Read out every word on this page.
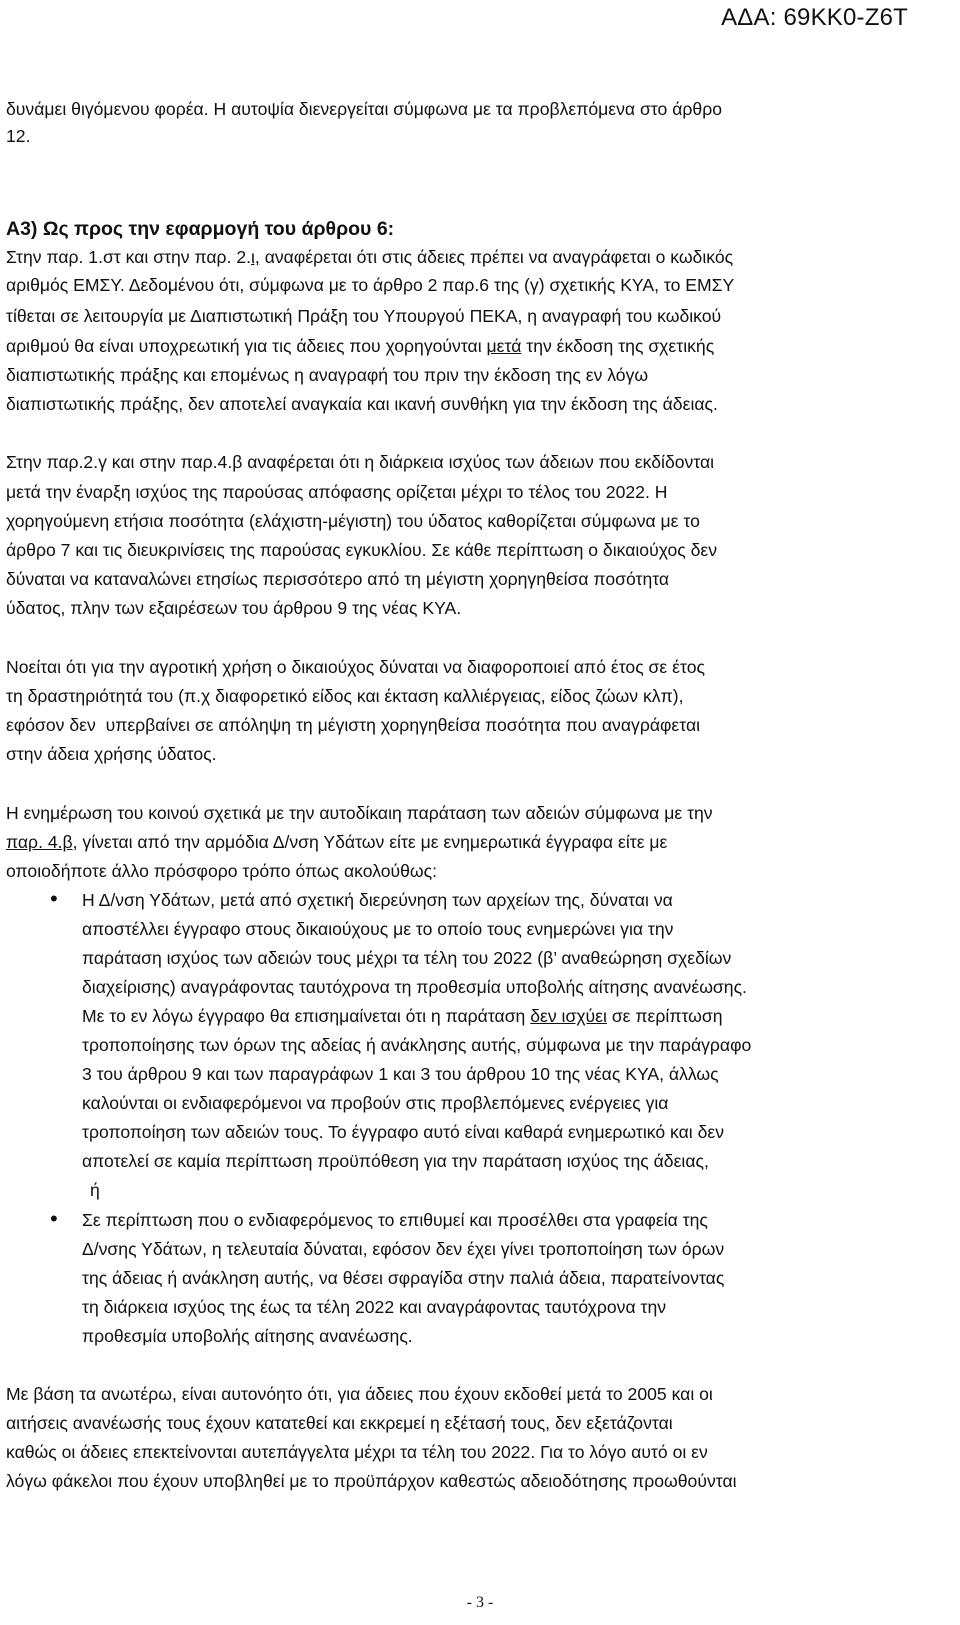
ΑΔΑ: 69ΚΚ0-Ζ6Τ
δυνάμει θιγόμενου φορέα. Η αυτοψία διενεργείται σύμφωνα με τα προβλεπόμενα στο άρθρο
12.
Α3) Ως προς την εφαρμογή του άρθρου 6:
Στην παρ. 1.στ και στην παρ. 2.ι, αναφέρεται ότι στις άδειες πρέπει να αναγράφεται ο κωδικός
αριθμός ΕΜΣΥ. Δεδομένου ότι, σύμφωνα με το άρθρο 2 παρ.6 της (γ) σχετικής ΚΥΑ, το ΕΜΣΥ
τίθεται σε λειτουργία με Διαπιστωτική Πράξη του Υπουργού ΠΕΚΑ, η αναγραφή του κωδικού
αριθμού θα είναι υποχρεωτική για τις άδειες που χορηγούνται μετά την έκδοση της σχετικής
διαπιστωτικής πράξης και επομένως η αναγραφή του πριν την έκδοση της εν λόγω
διαπιστωτικής πράξης, δεν αποτελεί αναγκαία και ικανή συνθήκη για την έκδοση της άδειας.
Στην παρ.2.γ και στην παρ.4.β αναφέρεται ότι η διάρκεια ισχύος των άδειων που εκδίδονται
μετά την έναρξη ισχύος της παρούσας απόφασης ορίζεται μέχρι το τέλος του 2022. Η
χορηγούμενη ετήσια ποσότητα (ελάχιστη-μέγιστη) του ύδατος καθορίζεται σύμφωνα με το
άρθρο 7 και τις διευκρινίσεις της παρούσας εγκυκλίου. Σε κάθε περίπτωση ο δικαιούχος δεν
δύναται να καταναλώνει ετησίως περισσότερο από τη μέγιστη χορηγηθείσα ποσότητα
ύδατος, πλην των εξαιρέσεων του άρθρου 9 της νέας ΚΥΑ.
Νοείται ότι για την αγροτική χρήση ο δικαιούχος δύναται να διαφοροποιεί από έτος σε έτος
τη δραστηριότητά του (π.χ διαφορετικό είδος και έκταση καλλιέργειας, είδος ζώων κλπ),
εφόσον δεν  υπερβαίνει σε απόληψη τη μέγιστη χορηγηθείσα ποσότητα που αναγράφεται
στην άδεια χρήσης ύδατος.
Η ενημέρωση του κοινού σχετικά με την αυτοδίκαιη παράταση των αδειών σύμφωνα με την
παρ. 4.β, γίνεται από την αρμόδια Δ/νση Υδάτων είτε με ενημερωτικά έγγραφα είτε με
οποιοδήποτε άλλο πρόσφορο τρόπο όπως ακολούθως:
• Η Δ/νση Υδάτων, μετά από σχετική διερεύνηση των αρχείων της, δύναται να
αποστέλλει έγγραφο στους δικαιούχους με το οποίο τους ενημερώνει για την
παράταση ισχύος των αδειών τους μέχρι τα τέλη του 2022 (β’ αναθεώρηση σχεδίων
διαχείρισης) αναγράφοντας ταυτόχρονα τη προθεσμία υποβολής αίτησης ανανέωσης.
Με το εν λόγω έγγραφο θα επισημαίνεται ότι η παράταση δεν ισχύει σε περίπτωση
τροποποίησης των όρων της αδείας ή ανάκλησης αυτής, σύμφωνα με την παράγραφο
3 του άρθρου 9 και των παραγράφων 1 και 3 του άρθρου 10 της νέας ΚΥΑ, άλλως
καλούνται οι ενδιαφερόμενοι να προβούν στις προβλεπόμενες ενέργειες για
τροποποίηση των αδειών τους. Το έγγραφο αυτό είναι καθαρά ενημερωτικό και δεν
αποτελεί σε καμία περίπτωση προϋπόθεση για την παράταση ισχύος της άδειας,
ή
• Σε περίπτωση που ο ενδιαφερόμενος το επιθυμεί και προσέλθει στα γραφεία της
Δ/νσης Υδάτων, η τελευταία δύναται, εφόσον δεν έχει γίνει τροποποίηση των όρων
της άδειας ή ανάκληση αυτής, να θέσει σφραγίδα στην παλιά άδεια, παρατείνοντας
τη διάρκεια ισχύος της έως τα τέλη 2022 και αναγράφοντας ταυτόχρονα την
προθεσμία υποβολής αίτησης ανανέωσης.
Με βάση τα ανωτέρω, είναι αυτονόητο ότι, για άδειες που έχουν εκδοθεί μετά το 2005 και οι
αιτήσεις ανανέωσής τους έχουν κατατεθεί και εκκρεμεί η εξέτασή τους, δεν εξετάζονται
καθώς οι άδειες επεκτείνονται αυτεπάγγελτα μέχρι τα τέλη του 2022. Για το λόγο αυτό οι εν
λόγω φάκελοι που έχουν υποβληθεί με το προϋπάρχον καθεστώς αδειοδότησης προωθούνται
- 3 -
